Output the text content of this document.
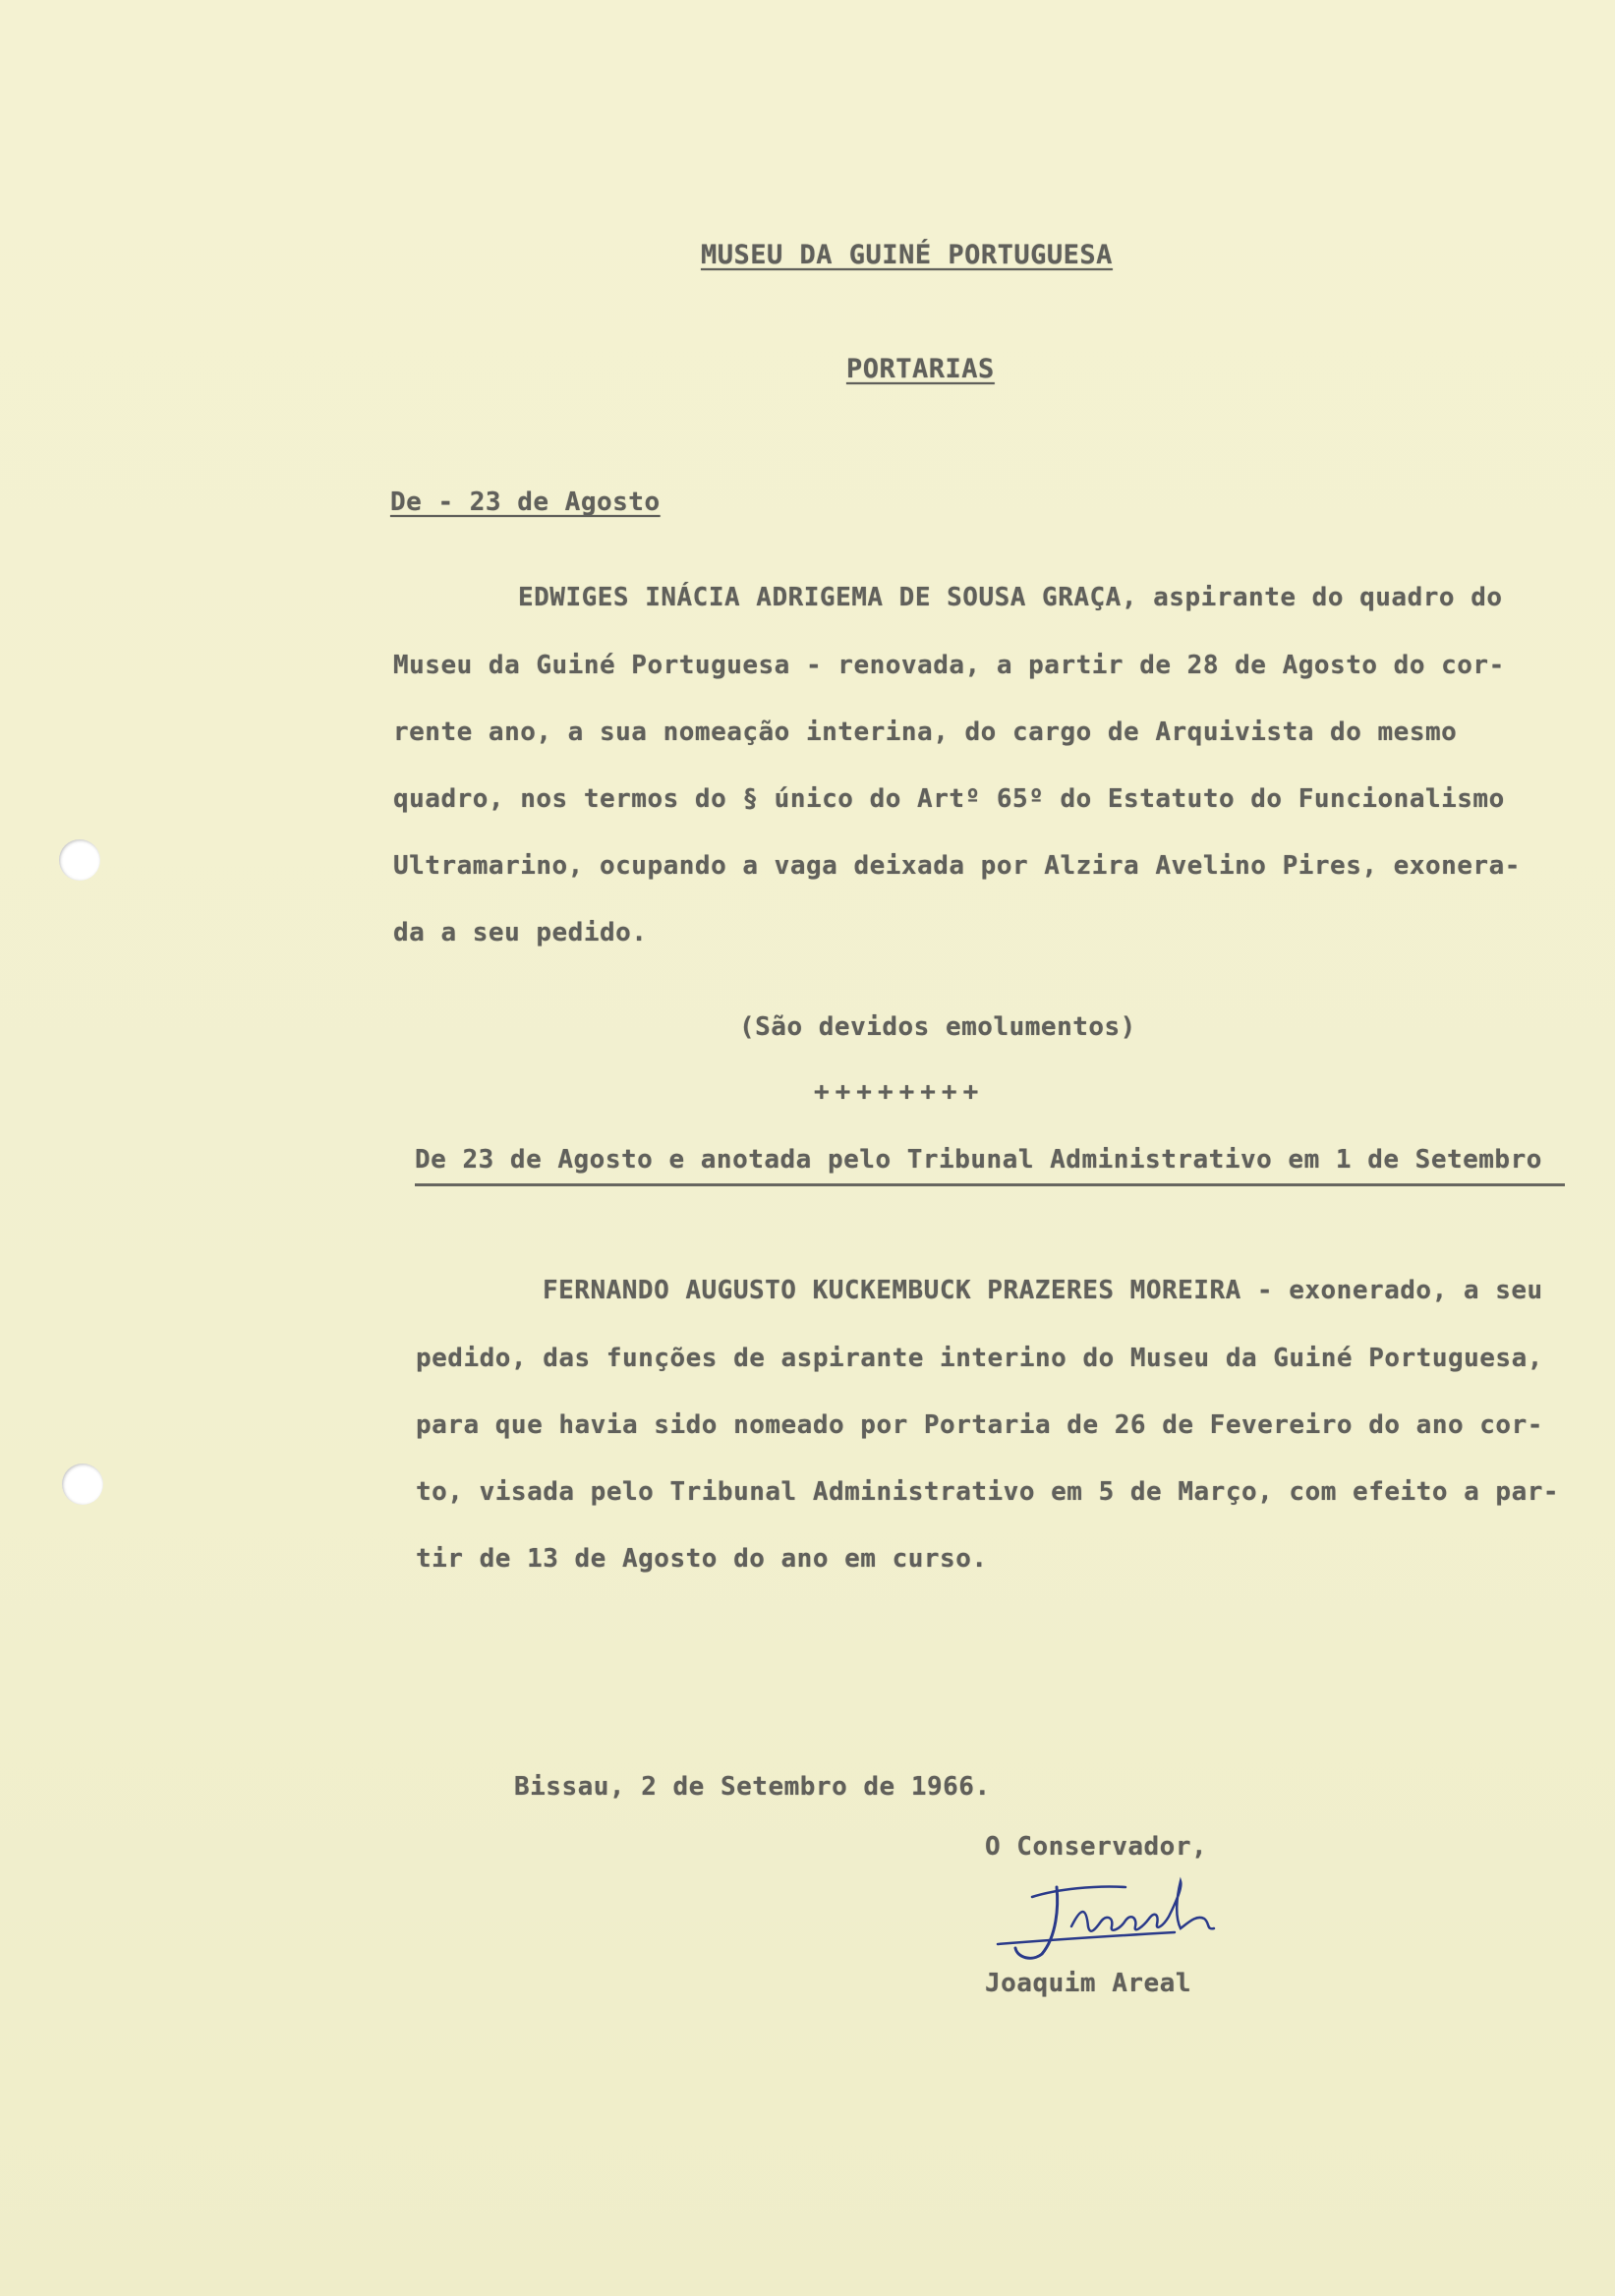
MUSEU DA GUINÉ PORTUGUESA
PORTARIAS
De - 23 de Agosto
EDWIGES INÁCIA ADRIGEMA DE SOUSA GRAÇA, aspirante do quadro do
Museu da Guiné Portuguesa - renovada, a partir de 28 de Agosto do cor-
rente ano, a sua nomeação interina, do cargo de Arquivista do mesmo
quadro, nos termos do § único do Artº 65º do Estatuto do Funcionalismo
Ultramarino, ocupando a vaga deixada por Alzira Avelino Pires, exonera-
da a seu pedido.
(São devidos emolumentos)
++++++++
De 23 de Agosto e anotada pelo Tribunal Administrativo em 1 de Setembro
FERNANDO AUGUSTO KUCKEMBUCK PRAZERES MOREIRA - exonerado, a seu
pedido, das funções de aspirante interino do Museu da Guiné Portuguesa,
para que havia sido nomeado por Portaria de 26 de Fevereiro do ano cor-
to, visada pelo Tribunal Administrativo em 5 de Março, com efeito a par-
tir de 13 de Agosto do ano em curso.
Bissau, 2 de Setembro de 1966.
O Conservador,
Joaquim Areal
